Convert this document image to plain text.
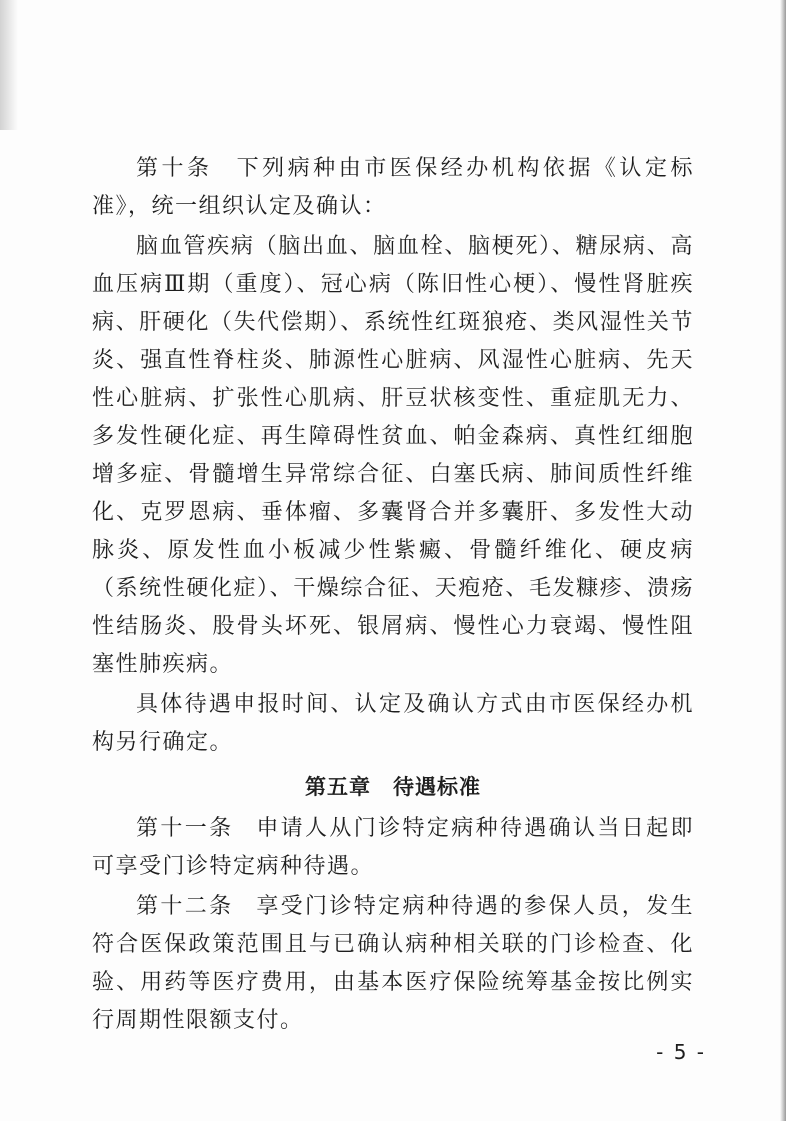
第十条 下列病种由市医保经办机构依据《认定标准》，统一组织认定及确认：

脑血管疾病（脑出血、脑血栓、脑梗死）、糖尿病、高血压病Ⅲ期（重度）、冠心病（陈旧性心梗）、慢性肾脏疾病、肝硬化（失代偿期）、系统性红斑狼疮、类风湿性关节炎、强直性脊柱炎、肺源性心脏病、风湿性心脏病、先天性心脏病、扩张性心肌病、肝豆状核变性、重症肌无力、多发性硬化症、再生障碍性贫血、帕金森病、真性红细胞增多症、骨髓增生异常综合征、白塞氏病、肺间质性纤维化、克罗恩病、垂体瘤、多囊肾合并多囊肝、多发性大动脉炎、原发性血小板减少性紫癜、骨髓纤维化、硬皮病（系统性硬化症）、干燥综合征、天疱疮、毛发糠疹、溃疡性结肠炎、股骨头坏死、银屑病、慢性心力衰竭、慢性阻塞性肺疾病。

具体待遇申报时间、认定及确认方式由市医保经办机构另行确定。

第五章 待遇标准

第十一条 申请人从门诊特定病种待遇确认当日起即可享受门诊特定病种待遇。

第十二条 享受门诊特定病种待遇的参保人员，发生符合医保政策范围且与已确认病种相关联的门诊检查、化验、用药等医疗费用，由基本医疗保险统筹基金按比例实行周期性限额支付。

- 5 -
